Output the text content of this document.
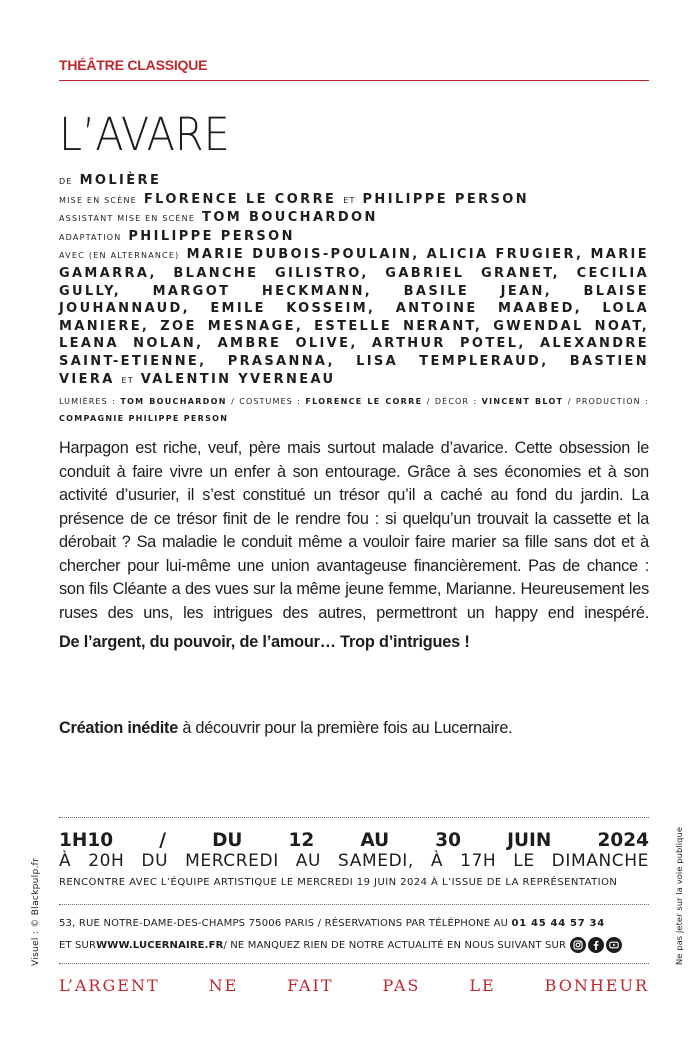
THÉÂTRE CLASSIQUE
L’AVARE
DE MOLIÈRE
MISE EN SCÈNE FLORENCE LE CORRE ET PHILIPPE PERSON
ASSISTANT MISE EN SCÈNE TOM BOUCHARDON
ADAPTATION PHILIPPE PERSON
AVEC (EN ALTERNANCE) MARIE DUBOIS-POULAIN, ALICIA FRUGIER, MARIE GAMARRA, BLANCHE GILISTRO, GABRIEL GRANET, CECILIA GULLY, MARGOT HECKMANN, BASILE JEAN, BLAISE JOUHANNAUD, EMILE KOSSEIM, ANTOINE MAABED, LOLA MANIERE, ZOE MESNAGE, ESTELLE NERANT, GWENDAL NOAT, LEANA NOLAN, AMBRE OLIVE, ARTHUR POTEL, ALEXANDRE SAINT-ETIENNE, PRASANNA, LISA TEMPLERAUD, BASTIEN VIERA ET VALENTIN YVERNEAU
LUMIÈRES : TOM BOUCHARDON / COSTUMES : FLORENCE LE CORRE / DÉCOR : VINCENT BLOT / PRODUCTION : COMPAGNIE PHILIPPE PERSON

Harpagon est riche, veuf, père mais surtout malade d’avarice. Cette obsession le conduit à faire vivre un enfer à son entourage. Grâce à ses économies et à son activité d’usurier, il s’est constitué un trésor qu’il a caché au fond du jardin. La présence de ce trésor finit de le rendre fou : si quelqu’un trouvait la cassette et la dérobait ? Sa maladie le conduit même a vouloir faire marier sa fille sans dot et à chercher pour lui-même une union avantageuse financièrement. Pas de chance : son fils Cléante a des vues sur la même jeune femme, Marianne. Heureusement les ruses des uns, les intrigues des autres, permettront un happy end inespéré.

De l’argent, du pouvoir, de l’amour… Trop d’intrigues !
Création inédite à découvrir pour la première fois au Lucernaire.
1H10 / DU 12 AU 30 JUIN 2024
À 20H DU MERCREDI AU SAMEDI, À 17H LE DIMANCHE
RENCONTRE AVEC L’ÉQUIPE ARTISTIQUE LE MERCREDI 19 JUIN 2024 À L’ISSUE DE LA REPRÉSENTATION
53, RUE NOTRE-DAME-DES-CHAMPS 75006 PARIS / RÉSERVATIONS PAR TÉLÉPHONE AU 01 45 44 57 34
ET SUR WWW.LUCERNAIRE.FR / NE MANQUEZ RIEN DE NOTRE ACTUALITÉ EN NOUS SUIVANT SUR
L’ARGENT NE FAIT PAS LE BONHEUR
Visuel : © Blackpulp.fr	Ne pas jeter sur la voie publique
